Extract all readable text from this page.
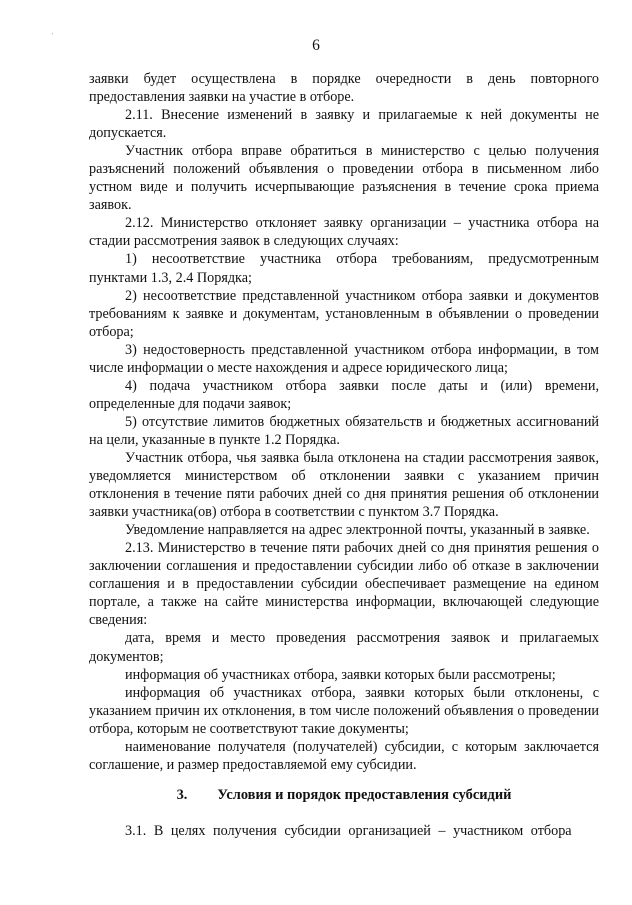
'
6

заявки будет осуществлена в порядке очередности в день повторного предоставления заявки на участие в отборе.

2.11. Внесение изменений в заявку и прилагаемые к ней документы не допускается.

Участник отбора вправе обратиться в министерство с целью получения разъяснений положений объявления о проведении отбора в письменном либо устном виде и получить исчерпывающие разъяснения в течение срока приема заявок.

2.12. Министерство отклоняет заявку организации – участника отбора на стадии рассмотрения заявок в следующих случаях:

1) несоответствие участника отбора требованиям, предусмотренным пунктами 1.3, 2.4 Порядка;

2) несоответствие представленной участником отбора заявки и документов требованиям к заявке и документам, установленным в объявлении о проведении отбора;

3) недостоверность представленной участником отбора информации, в том числе информации о месте нахождения и адресе юридического лица;

4) подача участником отбора заявки после даты и (или) времени, определенные для подачи заявок;

5) отсутствие лимитов бюджетных обязательств и бюджетных ассигнований на цели, указанные в пункте 1.2 Порядка.

Участник отбора, чья заявка была отклонена на стадии рассмотрения заявок, уведомляется министерством об отклонении заявки с указанием причин отклонения в течение пяти рабочих дней со дня принятия решения об отклонении заявки участника(ов) отбора в соответствии с пунктом 3.7 Порядка.

Уведомление направляется на адрес электронной почты, указанный в заявке.

2.13. Министерство в течение пяти рабочих дней со дня принятия решения о заключении соглашения и предоставлении субсидии либо об отказе в заключении соглашения и в предоставлении субсидии обеспечивает размещение на едином портале, а также на сайте министерства информации, включающей следующие сведения:

дата, время и место проведения рассмотрения заявок и прилагаемых документов;

информация об участниках отбора, заявки которых были рассмотрены;

информация об участниках отбора, заявки которых были отклонены, с указанием причин их отклонения, в том числе положений объявления о проведении отбора, которым не соответствуют такие документы;

наименование получателя (получателей) субсидии, с которым заключается соглашение, и размер предоставляемой ему субсидии.

3. Условия и порядок предоставления субсидий

3.1. В целях получения субсидии организацией – участником отбора
